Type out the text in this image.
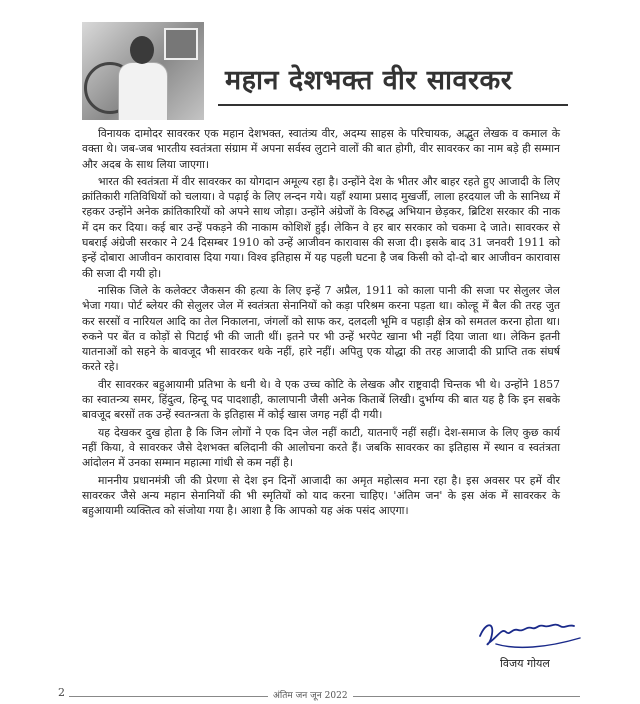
महान देशभक्त वीर सावरकर

विनायक दामोदर सावरकर एक महान देशभक्त, स्वातंत्र्य वीर, अदम्य साहस के परिचायक, अद्भुत लेखक व कमाल के वक्ता थे। जब-जब भारतीय स्वतंत्रता संग्राम में अपना सर्वस्व लुटाने वालों की बात होगी, वीर सावरकर का नाम बड़े ही सम्मान और अदब के साथ लिया जाएगा।

भारत की स्वतंत्रता में वीर सावरकर का योगदान अमूल्य रहा है। उन्होंने देश के भीतर और बाहर रहते हुए आजादी के लिए क्रांतिकारी गतिविधियों को चलाया। वे पढ़ाई के लिए लन्दन गये। यहाँ श्यामा प्रसाद मुखर्जी, लाला हरदयाल जी के सानिध्य में रहकर उन्होंने अनेक क्रांतिकारियों को अपने साथ जोड़ा। उन्होंने अंग्रेजों के विरुद्ध अभियान छेड़कर, ब्रिटिश सरकार की नाक में दम कर दिया। कई बार उन्हें पकड़ने की नाकाम कोशिशें हुईं। लेकिन वे हर बार सरकार को चकमा दे जाते। सावरकर से घबराई अंग्रेजी सरकार ने 24 दिसम्बर 1910 को उन्हें आजीवन कारावास की सजा दी। इसके बाद 31 जनवरी 1911 को इन्हें दोबारा आजीवन कारावास दिया गया। विश्व इतिहास में यह पहली घटना है जब किसी को दो-दो बार आजीवन कारावास की सजा दी गयी हो।

नासिक जिले के कलेक्टर जैकसन की हत्या के लिए इन्हें 7 अप्रैल, 1911 को काला पानी की सजा पर सेलुलर जेल भेजा गया। पोर्ट ब्लेयर की सेलुलर जेल में स्वतंत्रता सेनानियों को कड़ा परिश्रम करना पड़ता था। कोल्हू में बैल की तरह जुत कर सरसों व नारियल आदि का तेल निकालना, जंगलों को साफ कर, दलदली भूमि व पहाड़ी क्षेत्र को समतल करना होता था। रुकने पर बेंत व कोड़ों से पिटाई भी की जाती थीं। इतने पर भी उन्हें भरपेट खाना भी नहीं दिया जाता था। लेकिन इतनी यातनाओं को सहने के बावजूद भी सावरकर थके नहीं, हारे नहीं। अपितु एक योद्धा की तरह आजादी की प्राप्ति तक संघर्ष करते रहे।

वीर सावरकर बहुआयामी प्रतिभा के धनी थे। वे एक उच्च कोटि के लेखक और राष्ट्रवादी चिन्तक भी थे। उन्होंने 1857 का स्वातन्त्र्य समर, हिंदुत्व, हिन्दू पद पादशाही, कालापानी जैसी अनेक किताबें लिखी। दुर्भाग्य की बात यह है कि इन सबके बावजूद बरसों तक उन्हें स्वतन्त्रता के इतिहास में कोई खास जगह नहीं दी गयी।

यह देखकर दुख होता है कि जिन लोगों ने एक दिन जेल नहीं काटी, यातनाएँ नहीं सहीं। देश-समाज के लिए कुछ कार्य नहीं किया, वे सावरकर जैसे देशभक्त बलिदानी की आलोचना करते हैं। जबकि सावरकर का इतिहास में स्थान व स्वतंत्रता आंदोलन में उनका सम्मान महात्मा गांधी से कम नहीं है।

माननीय प्रधानमंत्री जी की प्रेरणा से देश इन दिनों आजादी का अमृत महोत्सव मना रहा है। इस अवसर पर हमें वीर सावरकर जैसे अन्य महान सेनानियों की भी स्मृतियों को याद करना चाहिए। 'अंतिम जन' के इस अंक में सावरकर के बहुआयामी व्यक्तित्व को संजोया गया है। आशा है कि आपको यह अंक पसंद आएगा।

विजय गोयल
2	अंतिम जन जून 2022
